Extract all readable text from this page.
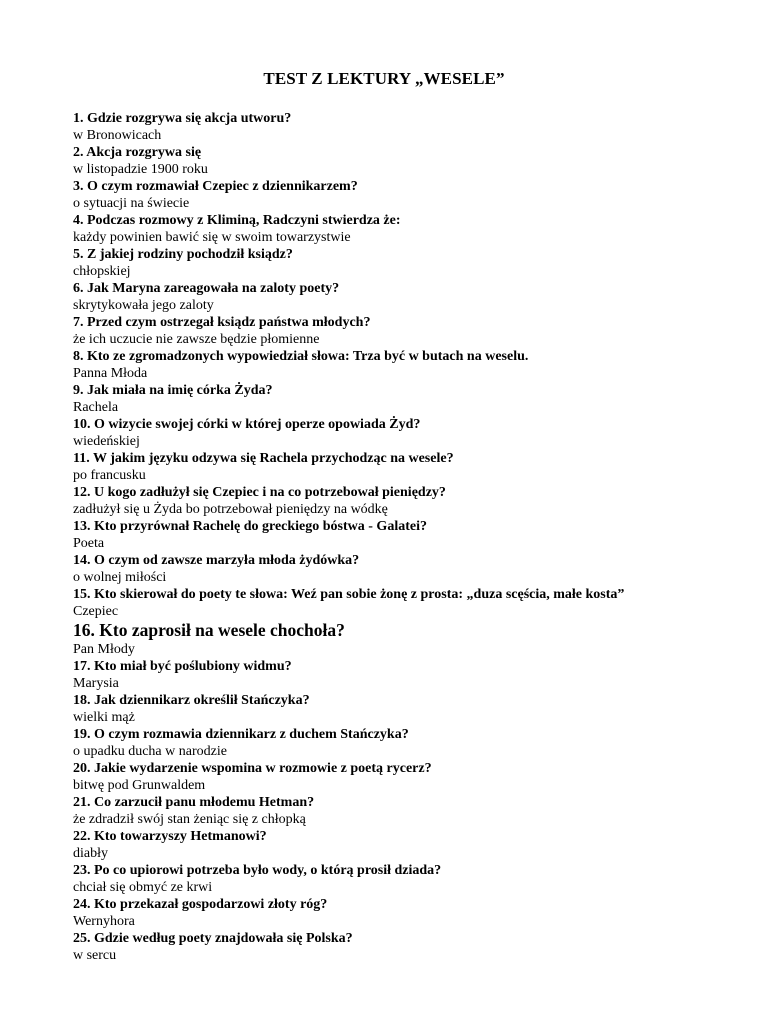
TEST Z LEKTURY „WESELE”
1. Gdzie rozgrywa się akcja utworu?
w Bronowicach
2. Akcja rozgrywa się
w listopadzie 1900 roku
3. O czym rozmawiał Czepiec z dziennikarzem?
o sytuacji na świecie
4. Podczas rozmowy z Kliminą, Radczyni stwierdza że:
każdy powinien bawić się w swoim towarzystwie
5. Z jakiej rodziny pochodził ksiądz?
chłopskiej
6. Jak Maryna zareagowała na zaloty poety?
skrytykowała jego zaloty
7. Przed czym ostrzegał ksiądz państwa młodych?
że ich uczucie nie zawsze będzie płomienne
8. Kto ze zgromadzonych wypowiedział słowa: Trza być w butach na weselu.
Panna Młoda
9. Jak miała na imię córka Żyda?
Rachela
10. O wizycie swojej córki w której operze opowiada Żyd?
wiedeńskiej
11. W jakim języku odzywa się Rachela przychodząc na wesele?
po francusku
12. U kogo zadłużył się Czepiec i na co potrzebował pieniędzy?
zadłużył się u Żyda bo potrzebował pieniędzy na wódkę
13. Kto przyrównał Rachelę do greckiego bóstwa - Galatei?
Poeta
14. O czym od zawsze marzyła młoda żydówka?
o wolnej miłości
15. Kto skierował do poety te słowa: Weź pan sobie żonę z prosta: „duza scęścia, małe kosta”
Czepiec
16. Kto zaprosił na wesele chochoła?
Pan Młody
17. Kto miał być poślubiony widmu?
Marysia
18. Jak dziennikarz określił Stańczyka?
wielki mąż
19. O czym rozmawia dziennikarz z duchem Stańczyka?
o upadku ducha w narodzie
20. Jakie wydarzenie wspomina w rozmowie z poetą rycerz?
bitwę pod Grunwaldem
21. Co zarzucił panu młodemu Hetman?
że zdradził swój stan żeniąc się z chłopką
22. Kto towarzyszy Hetmanowi?
diabły
23. Po co upiorowi potrzeba było wody, o którą prosił dziada?
chciał się obmyć ze krwi
24. Kto przekazał gospodarzowi złoty róg?
Wernyhora
25. Gdzie według poety znajdowała się Polska?
w sercu
